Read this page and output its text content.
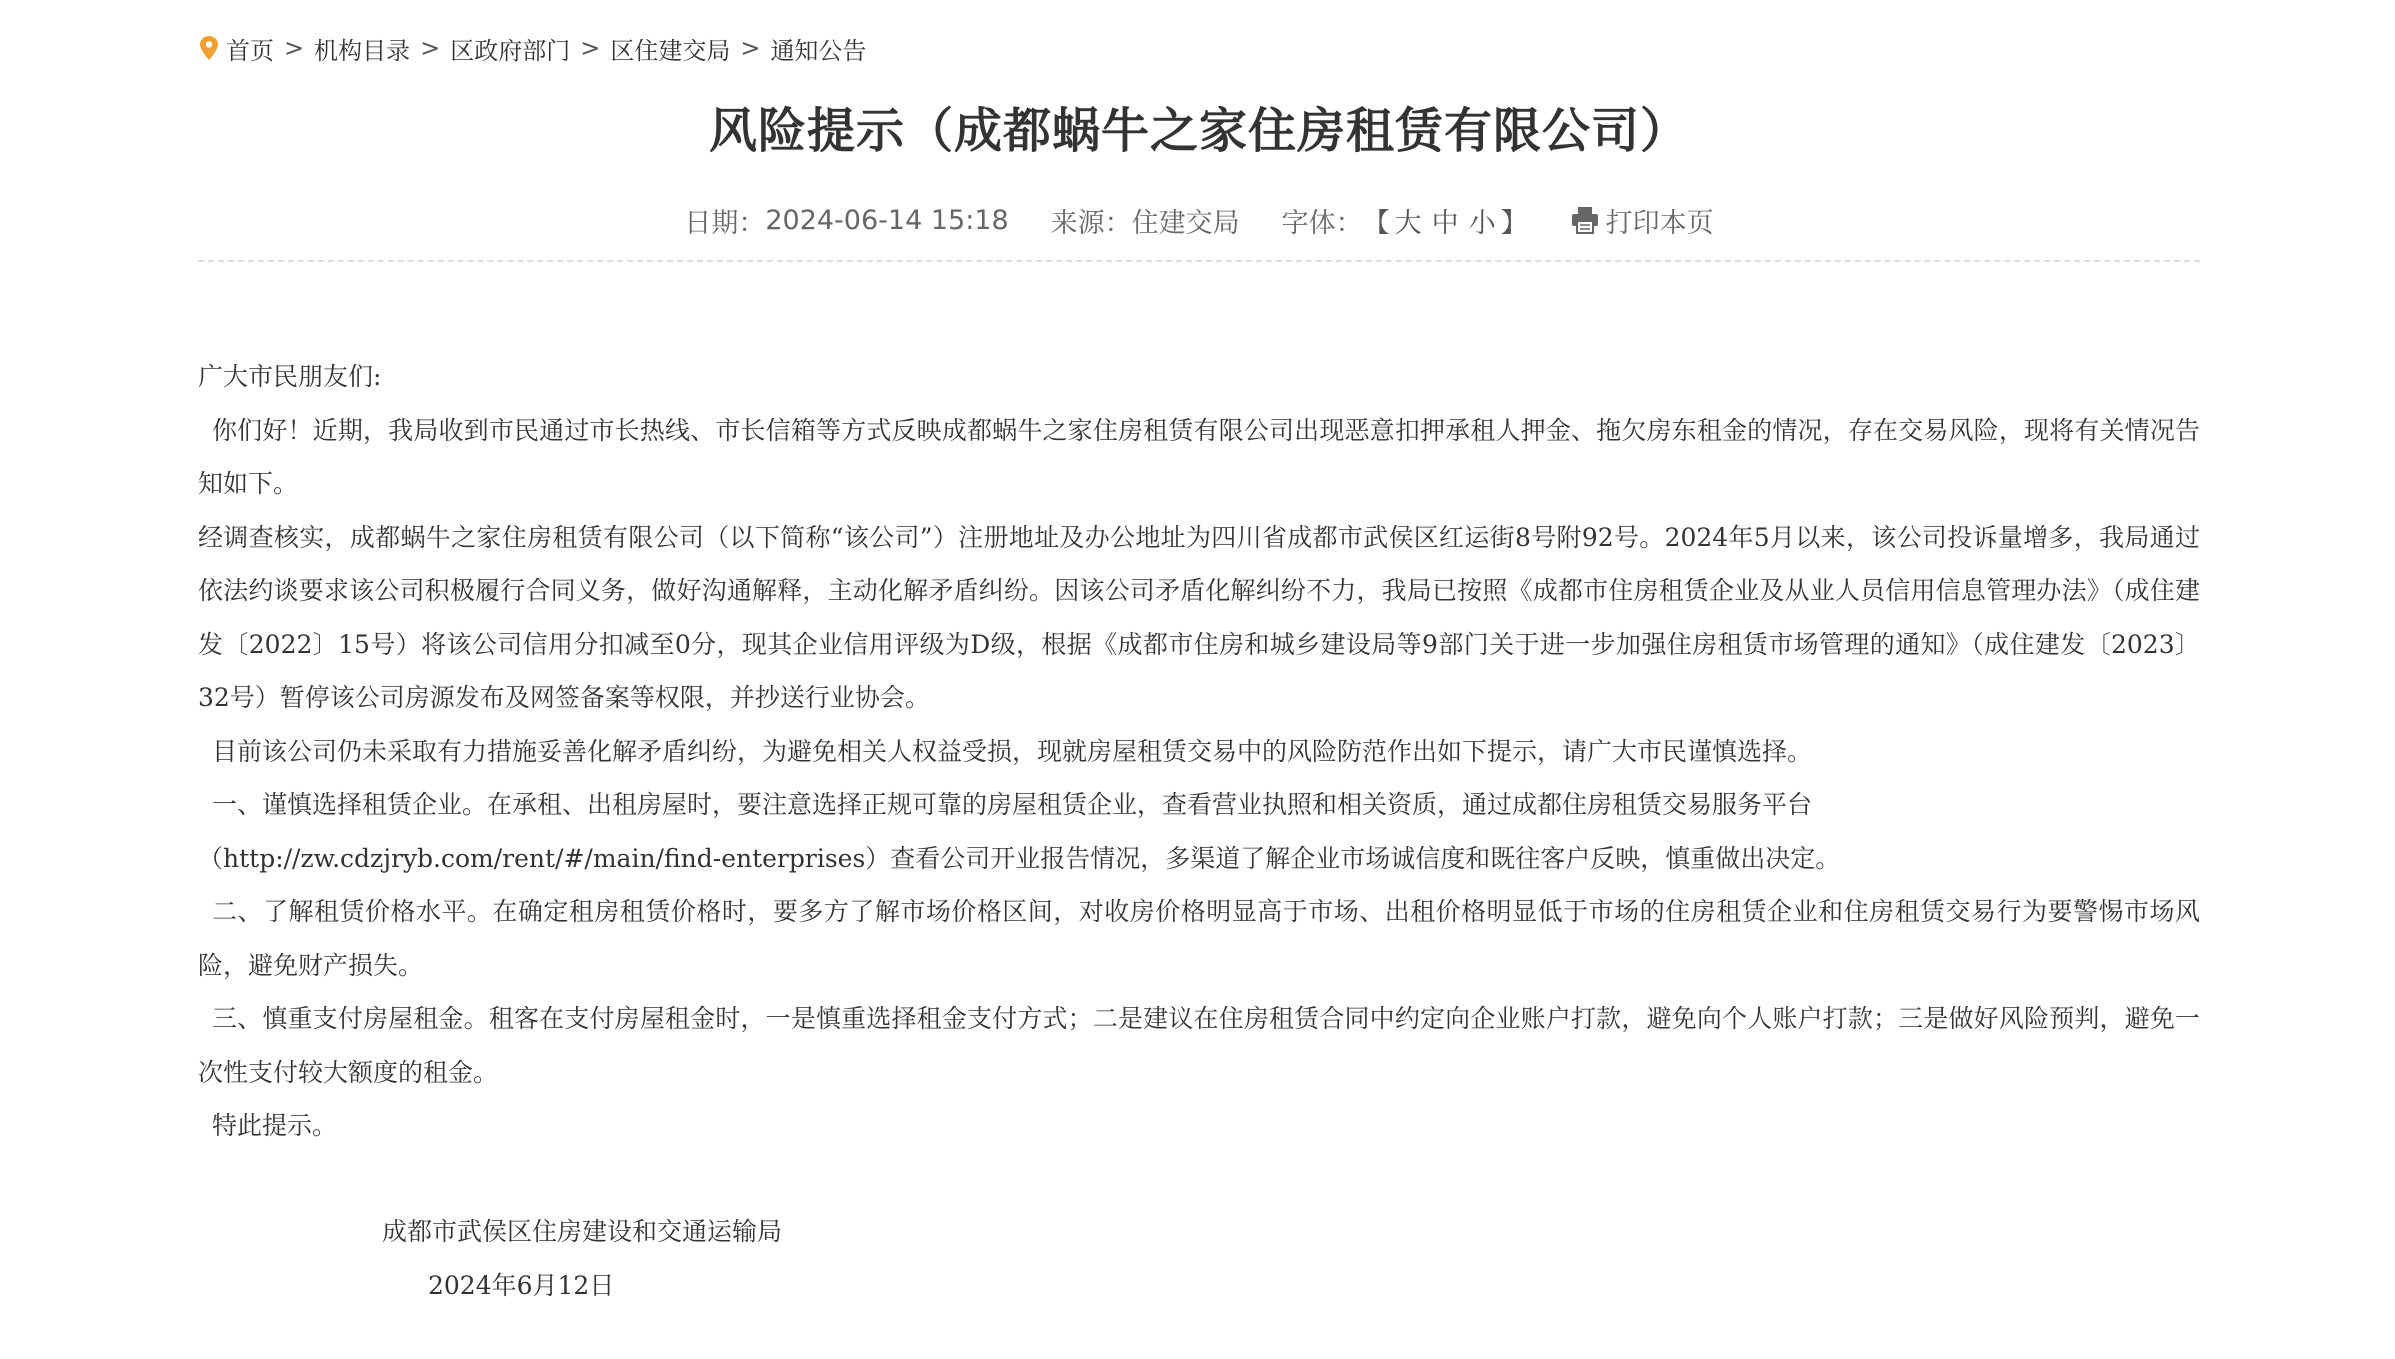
首页 > 机构目录 > 区政府部门 > 区住建交局 > 通知公告
风险提示（成都蜗牛之家住房租赁有限公司）
日期： 2024-06-14 15:18 来源： 住建交局 字体： 【 大 中 小 】	打印本页

广大市民朋友们:

你们好！近期，我局收到市民通过市长热线、市长信箱等方式反映成都蜗牛之家住房租赁有限公司出现恶意扣押承租人押金、拖欠房东租金的情况，存在交易风险，现将有关情况告知如下。

经调查核实，成都蜗牛之家住房租赁有限公司（以下简称“该公司”）注册地址及办公地址为四川省成都市武侯区红运街8号附92号。2024年5月以来，该公司投诉量增多，我局通过依法约谈要求该公司积极履行合同义务，做好沟通解释，主动化解矛盾纠纷。因该公司矛盾化解纠纷不力，我局已按照《成都市住房租赁企业及从业人员信用信息管理办法》（成住建发〔2022〕15号）将该公司信用分扣减至0分，现其企业信用评级为D级，根据《成都市住房和城乡建设局等9部门关于进一步加强住房租赁市场管理的通知》（成住建发〔2023〕32号）暂停该公司房源发布及网签备案等权限，并抄送行业协会。

目前该公司仍未采取有力措施妥善化解矛盾纠纷，为避免相关人权益受损，现就房屋租赁交易中的风险防范作出如下提示，请广大市民谨慎选择。

一、谨慎选择租赁企业。在承租、出租房屋时，要注意选择正规可靠的房屋租赁企业，查看营业执照和相关资质，通过成都住房租赁交易服务平台

（http://zw.cdzjryb.com/rent/#/main/find-enterprises）查看公司开业报告情况，多渠道了解企业市场诚信度和既往客户反映，慎重做出决定。

二、了解租赁价格水平。在确定租房租赁价格时，要多方了解市场价格区间，对收房价格明显高于市场、出租价格明显低于市场的住房租赁企业和住房租赁交易行为要警惕市场风险，避免财产损失。

三、慎重支付房屋租金。租客在支付房屋租金时，一是慎重选择租金支付方式；二是建议在住房租赁合同中约定向企业账户打款，避免向个人账户打款；三是做好风险预判，避免一次性支付较大额度的租金。

特此提示。

成都市武侯区住房建设和交通运输局
2024年6月12日
